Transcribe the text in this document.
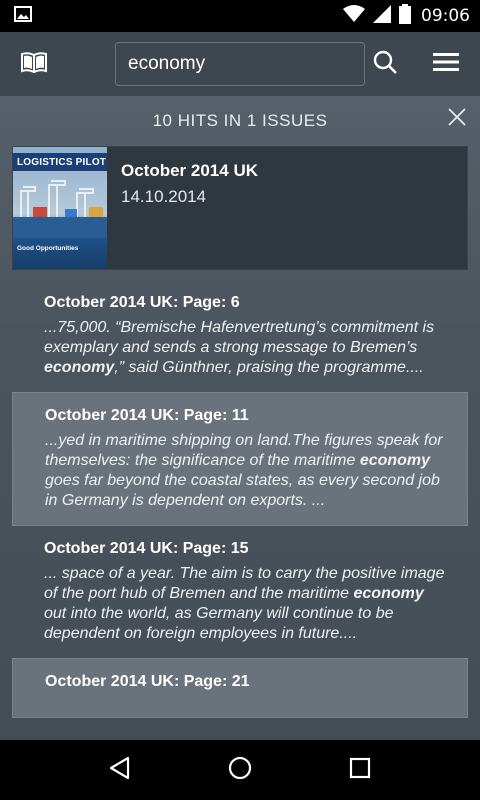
09:06
economy
10 HITS IN 1 ISSUES
LOGISTICS PILOT
Good Opportunities
October 2014 UK
14.10.2014
October 2014 UK: Page: 6
...75,000. “Bremische Hafenvertretung’s commitment is exemplary and sends a strong message to Bremen’s economy,” said Günthner, praising the programme....
October 2014 UK: Page: 11
...yed in maritime shipping on land.The figures speak for themselves: the significance of the maritime economy goes far beyond the coastal states, as every second job in Germany is dependent on exports. ...
October 2014 UK: Page: 15
... space of a year. The aim is to carry the positive image of the port hub of Bremen and the maritime economy out into the world, as Germany will continue to be dependent on foreign employees in future....
October 2014 UK: Page: 21
